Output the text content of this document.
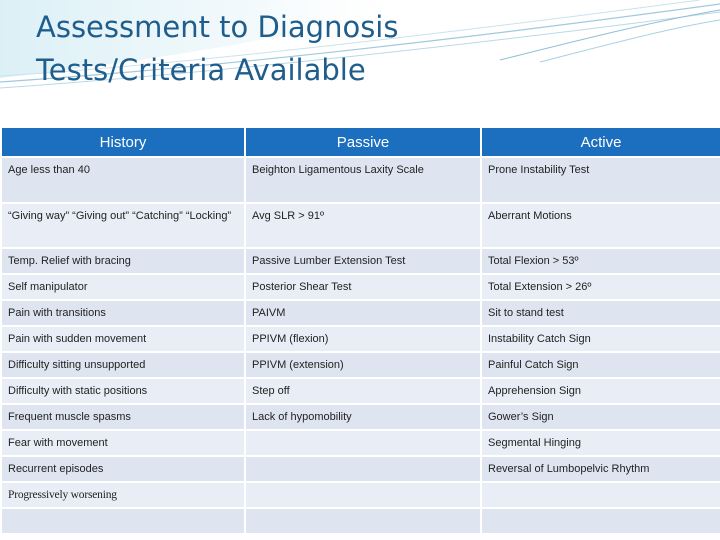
Assessment to Diagnosis
Tests/Criteria Available
History	Passive	Active
Age less than 40	Beighton Ligamentous Laxity Scale	Prone Instability Test
“Giving way” “Giving out” “Catching” “Locking”	Avg SLR > 91º	Aberrant Motions
Temp. Relief with bracing	Passive Lumber Extension Test	Total Flexion > 53º
Self manipulator	Posterior Shear Test	Total Extension > 26º
Pain with transitions	PAIVM	Sit to stand test
Pain with sudden movement	PPIVM (flexion)	Instability Catch Sign
Difficulty sitting unsupported	PPIVM (extension)	Painful Catch Sign
Difficulty with static positions	Step off	Apprehension Sign
Frequent muscle spasms	Lack of hypomobility	Gower’s Sign
Fear with movement		Segmental Hinging
Recurrent episodes		Reversal of Lumbopelvic Rhythm
Progressively worsening		
